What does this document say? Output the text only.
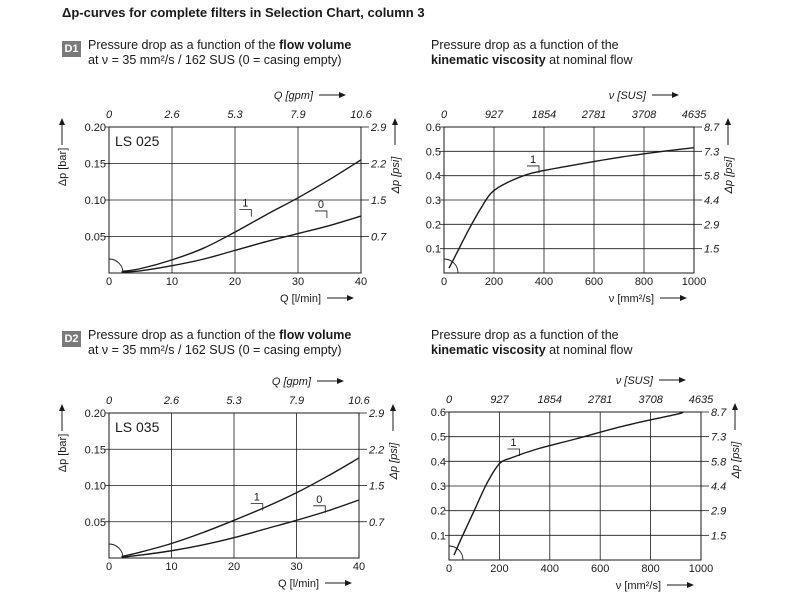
Δp-curves for complete filters in Selection Chart, column 3
D1 Pressure drop as a function of the flow volume
at ν = 35 mm²/s / 162 SUS (0 = casing empty)
Pressure drop as a function of the
kinematic viscosity at nominal flow
D2 Pressure drop as a function of the flow volume
at ν = 35 mm²/s / 162 SUS (0 = casing empty)
Pressure drop as a function of the
kinematic viscosity at nominal flow
0	10	20	30	40
0	2.6	5.3	7.9	10.6
0.05
0.10
0.15
0.20
0.7
1.5
2.2
2.9
Q [l/min]
Q [gpm]
Δp [bar]	Δp [psi]
LS 025
1	0
0	200	400	600	800	1000
0	927	1854 2781 3708 4635
0.1
0.2
0.3
0.4
0.5
0.6
1.5
2.9
4.4
5.8
7.3
8.7
ν [mm²/s]
ν [SUS]
Δp [psi]
1
0	10	20	30	40
0	2.6	5.3	7.9	10.6
0.05
0.10
0.15
0.20
0.7
1.5
2.2
2.9
Q [l/min]
Q [gpm]
Δp [bar]	Δp [psi]
LS 035
1	0
0	200	400	600	800	1000
0	927	1854 2781 3708 4635
0.1
0.2
0.3
0.4
0.5
0.6
1.5
2.9
4.4
5.8
7.3
8.7
ν [mm²/s]
ν [SUS]
Δp [psi]
1
